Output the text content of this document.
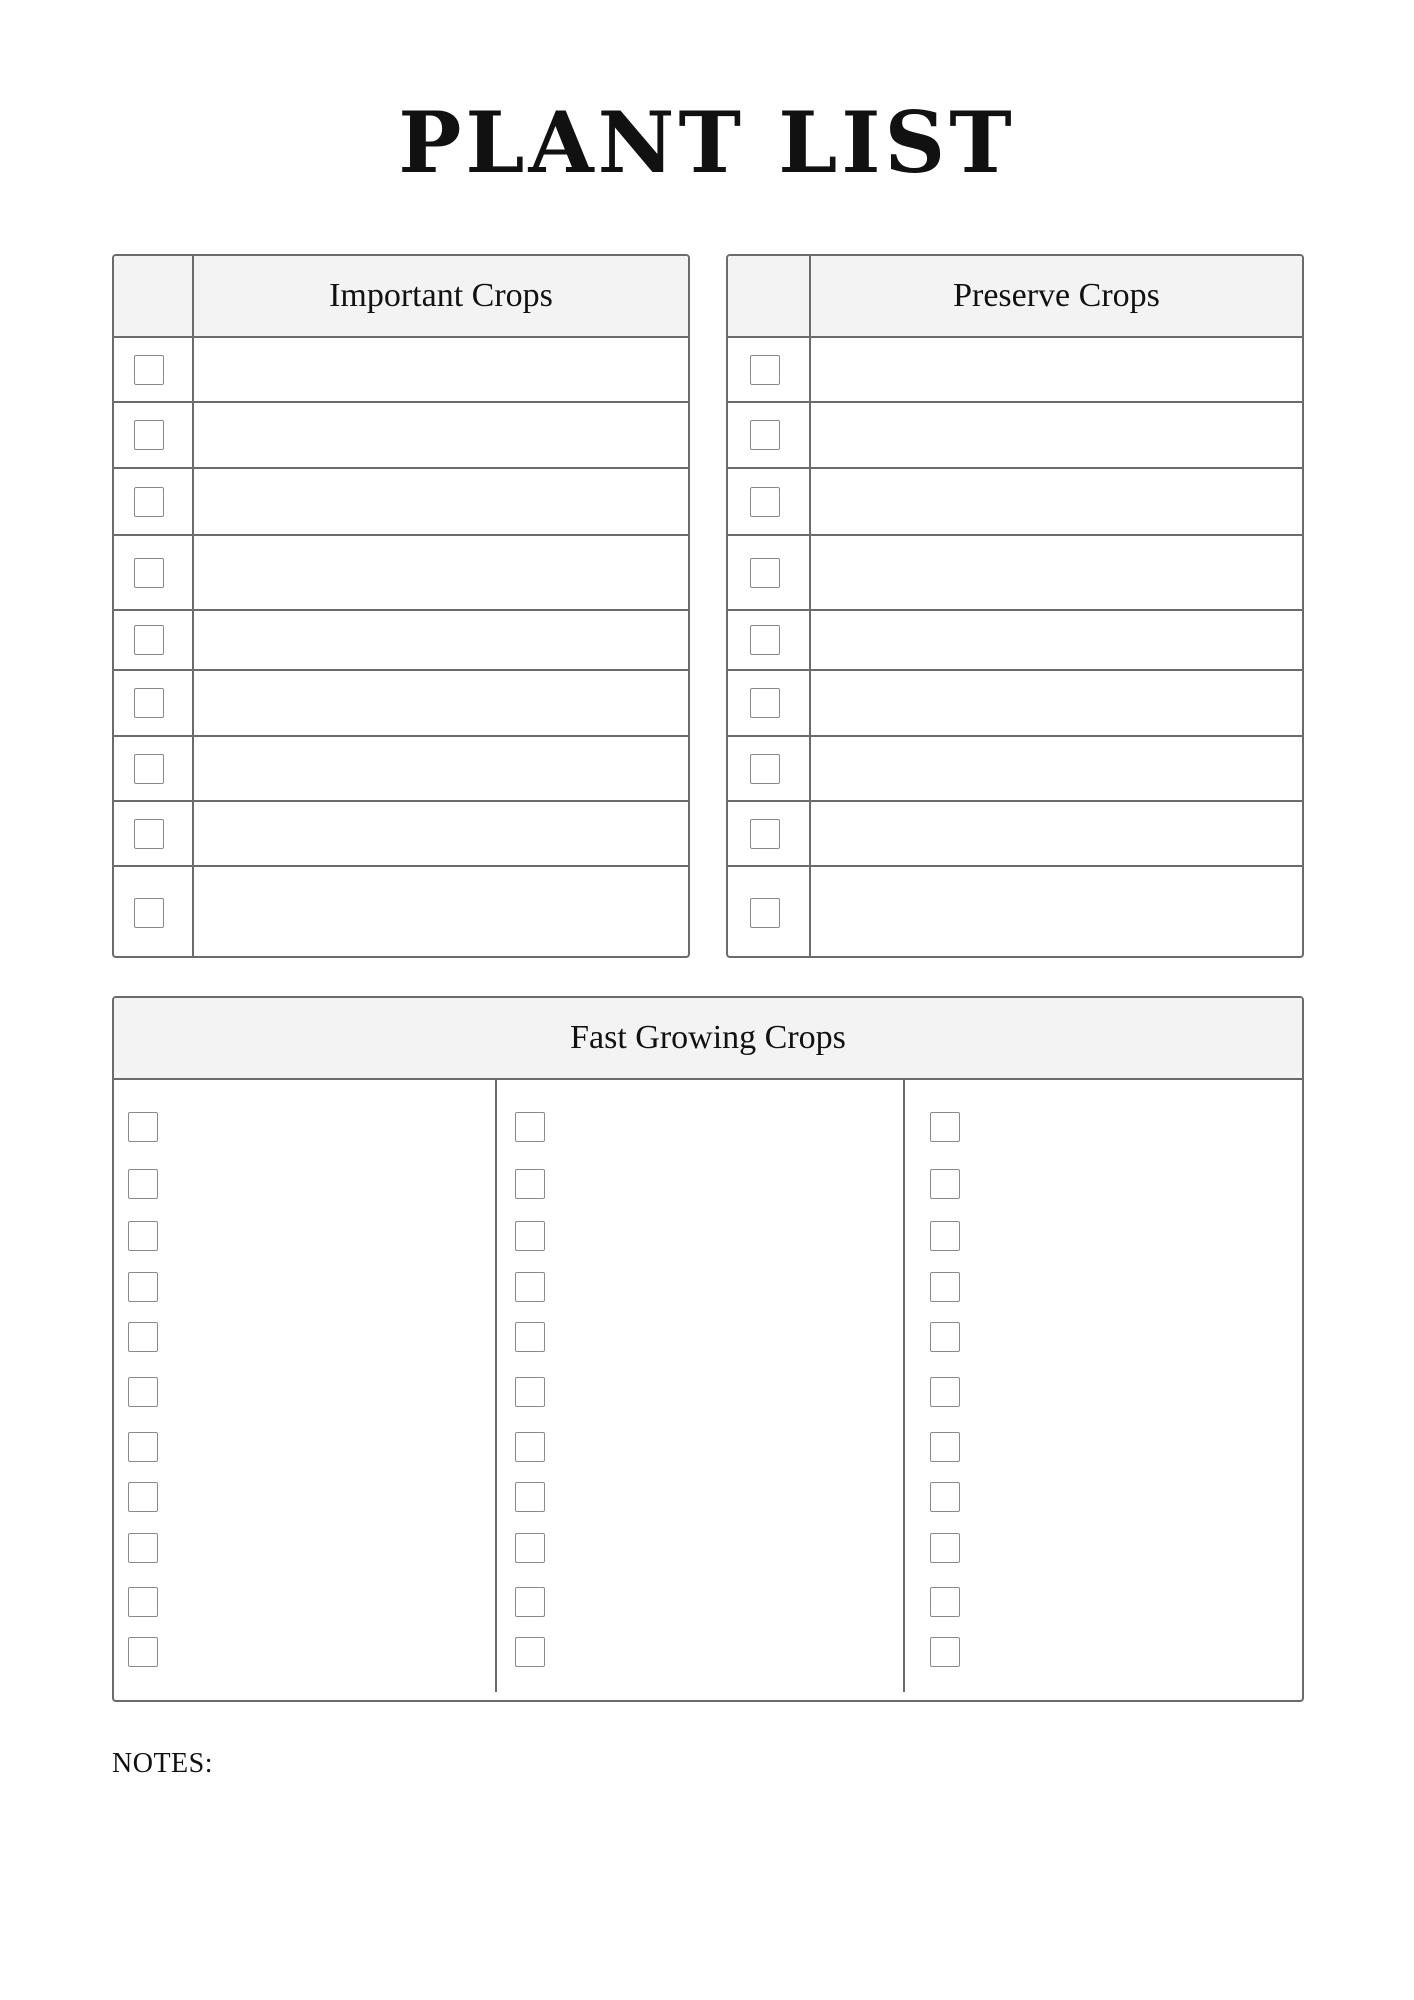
PLANT LIST
Important Crops	Preserve Crops
Fast Growing Crops
NOTES:
